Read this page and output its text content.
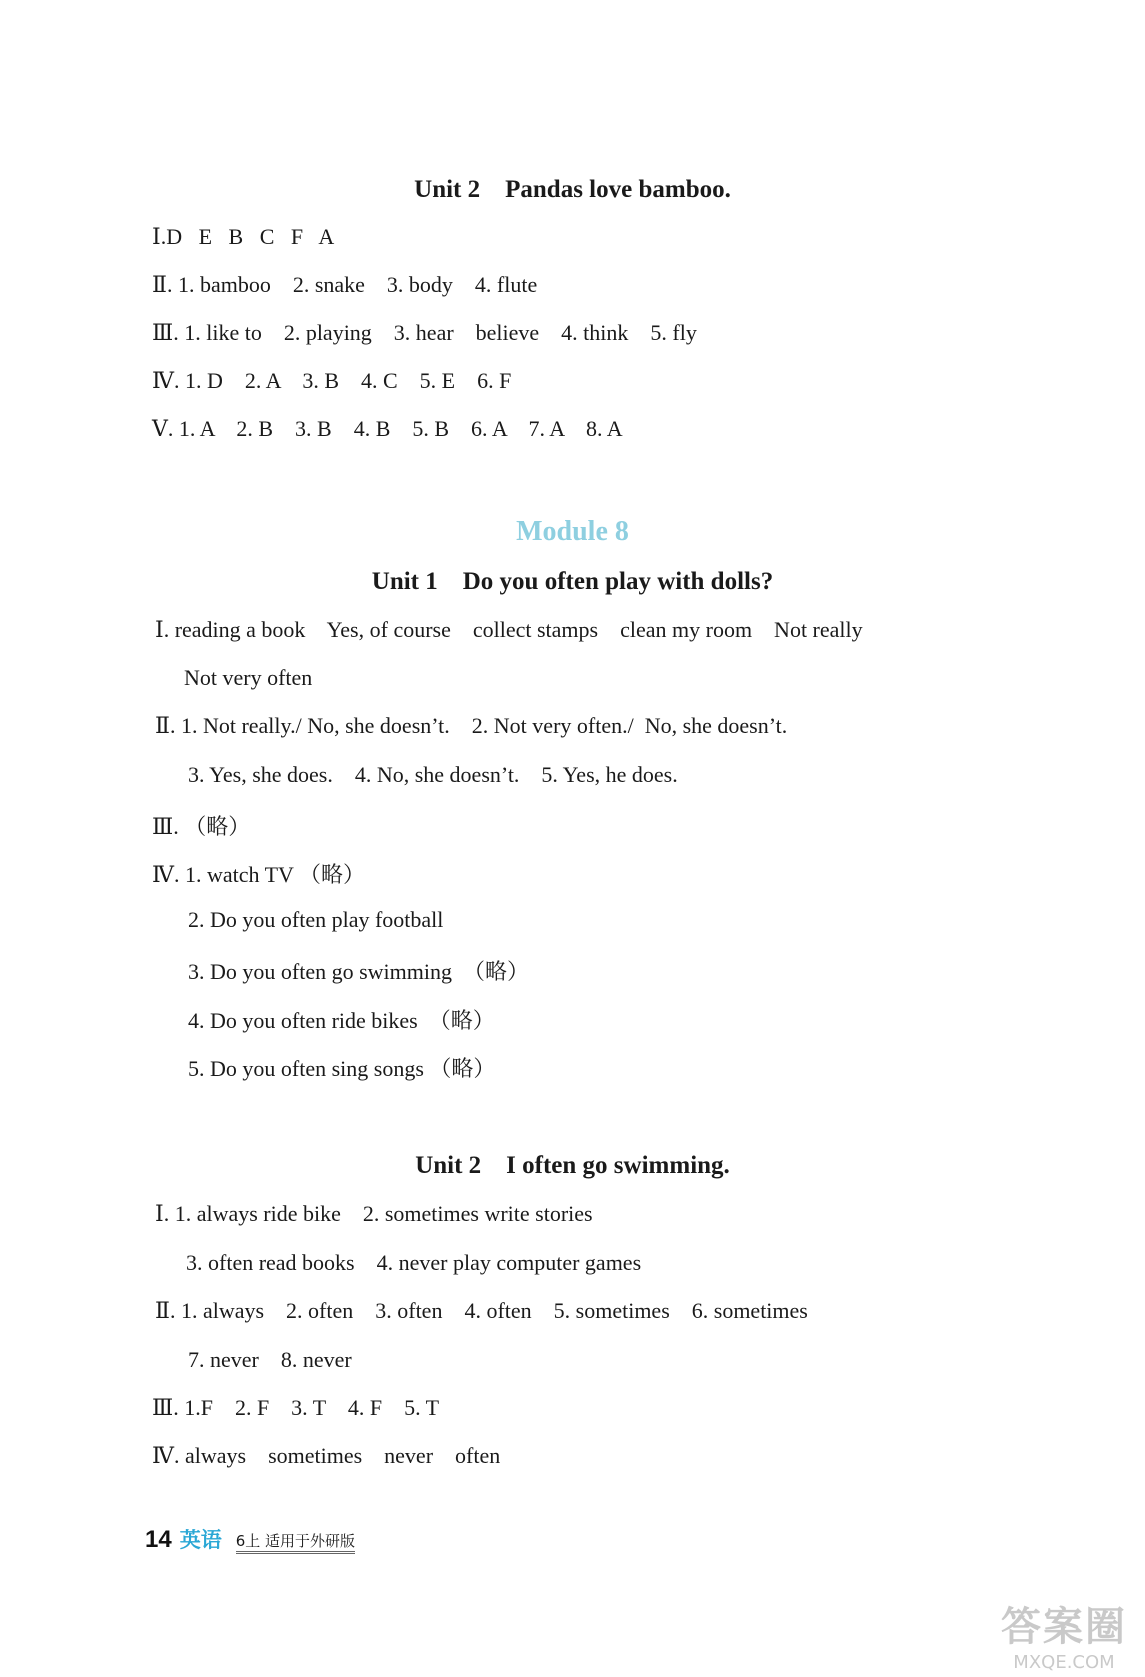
Unit 2    Pandas love bamboo.
Ⅰ.D   E   B   C   F   A
Ⅱ. 1. bamboo    2. snake    3. body    4. flute
Ⅲ. 1. like to    2. playing    3. hear    believe    4. think    5. fly
Ⅳ. 1. D    2. A    3. B    4. C    5. E    6. F
Ⅴ. 1. A    2. B    3. B    4. B    5. B    6. A    7. A    8. A
Module 8
Unit 1    Do you often play with dolls?
Ⅰ. reading a book    Yes, of course    collect stamps    clean my room    Not really
Not very often
Ⅱ. 1. Not really./ No, she doesn’t.    2. Not very often./  No, she doesn’t.
3. Yes, she does.    4. No, she doesn’t.    5. Yes, he does.
Ⅲ. （略）
Ⅳ. 1. watch TV （略）
2. Do you often play football
3. Do you often go swimming  （略）
4. Do you often ride bikes  （略）
5. Do you often sing songs （略）
Unit 2    I often go swimming.
Ⅰ. 1. always ride bike    2. sometimes write stories
3. often read books    4. never play computer games
Ⅱ. 1. always    2. often    3. often    4. often    5. sometimes    6. sometimes
7. never    8. never
Ⅲ. 1.F    2. F    3. T    4. F    5. T
Ⅳ. always    sometimes    never    often
14 英语 6上 适用于外研版
答案圈
MXQE.COM
